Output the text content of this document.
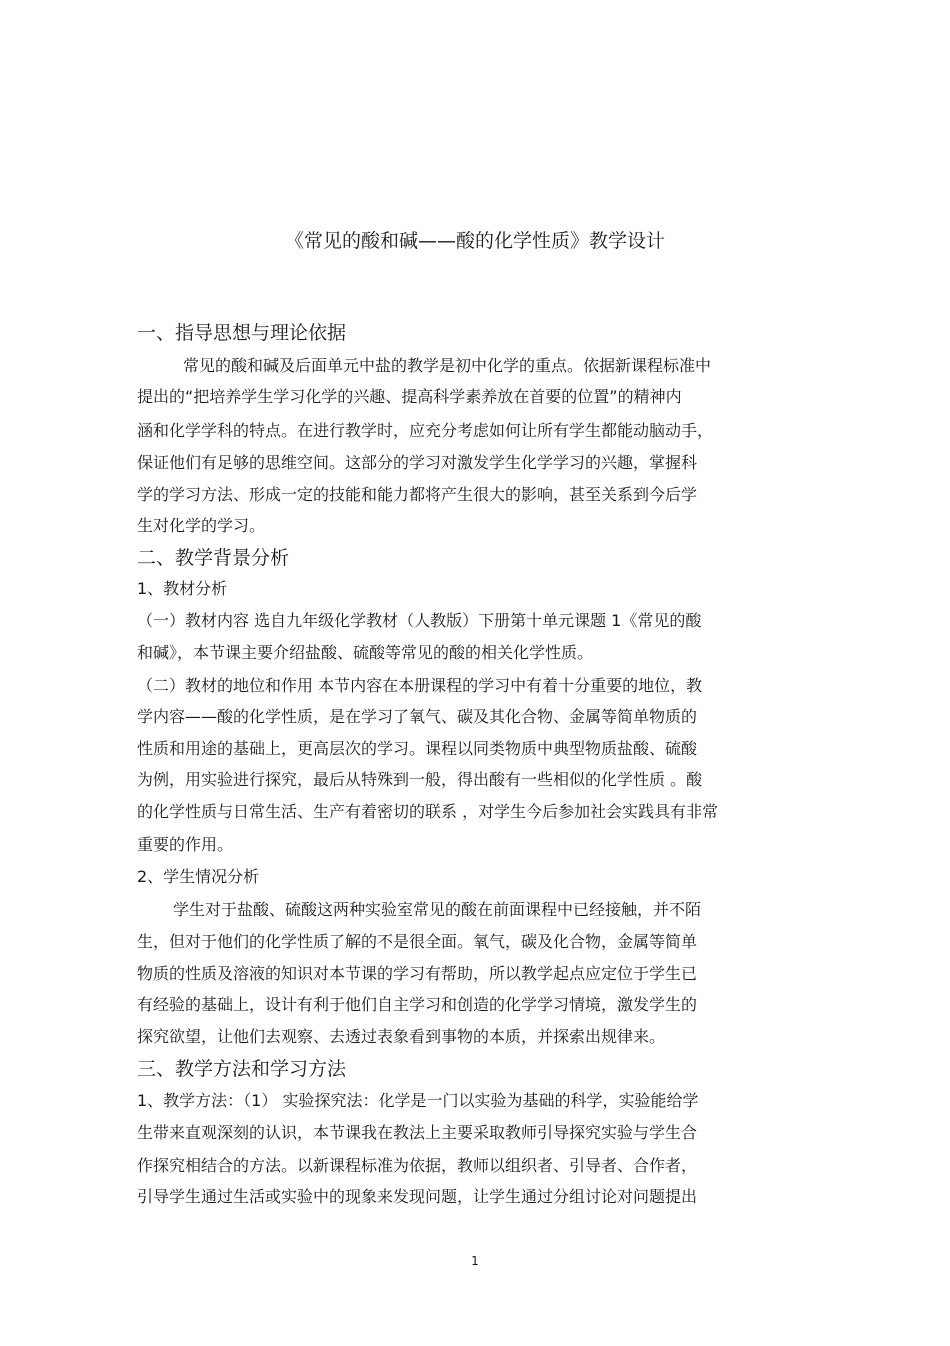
《常见的酸和碱——酸的化学性质》教学设计
一、指导思想与理论依据
常见的酸和碱及后面单元中盐的教学是初中化学的重点。依据新课程标准中
提出的“把培养学生学习化学的兴趣、提高科学素养放在首要的位置”的精神内
涵和化学学科的特点。在进行教学时，应充分考虑如何让所有学生都能动脑动手，
保证他们有足够的思维空间。这部分的学习对激发学生化学学习的兴趣，掌握科
学的学习方法、形成一定的技能和能力都将产生很大的影响，甚至关系到今后学
生对化学的学习。
二、教学背景分析
1、教材分析
（一）教材内容 选自九年级化学教材（人教版）下册第十单元课题 1《常见的酸
和碱》，本节课主要介绍盐酸、硫酸等常见的酸的相关化学性质。
（二）教材的地位和作用 本节内容在本册课程的学习中有着十分重要的地位，教
学内容——酸的化学性质，是在学习了氧气、碳及其化合物、金属等简单物质的
性质和用途的基础上，更高层次的学习。课程以同类物质中典型物质盐酸、硫酸
为例，用实验进行探究，最后从特殊到一般，得出酸有一些相似的化学性质 。酸
的化学性质与日常生活、生产有着密切的联系 ，对学生今后参加社会实践具有非常
重要的作用。
2、学生情况分析
学生对于盐酸、硫酸这两种实验室常见的酸在前面课程中已经接触，并不陌
生，但对于他们的化学性质了解的不是很全面。氧气，碳及化合物，金属等简单
物质的性质及溶液的知识对本节课的学习有帮助，所以教学起点应定位于学生已
有经验的基础上，设计有利于他们自主学习和创造的化学学习情境，激发学生的
探究欲望，让他们去观察、去透过表象看到事物的本质，并探索出规律来。
三、教学方法和学习方法
1、教学方法：（1） 实验探究法：化学是一门以实验为基础的科学，实验能给学
生带来直观深刻的认识，本节课我在教法上主要采取教师引导探究实验与学生合
作探究相结合的方法。以新课程标准为依据，教师以组织者、引导者、合作者，
引导学生通过生活或实验中的现象来发现问题，让学生通过分组讨论对问题提出
1
